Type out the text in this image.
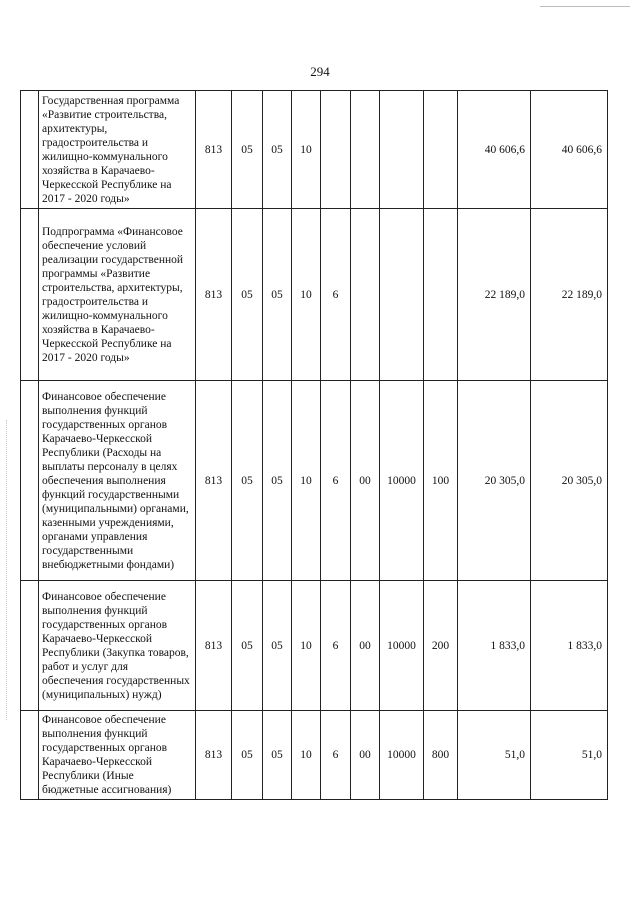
294
	Государственная программа «Развитие строительства, архитектуры, градостроительства и жилищно-коммунального хозяйства в Карачаево-Черкесской Республике на 2017 - 2020 годы»	813	05	05	10					40 606,6	40 606,6
	Подпрограмма «Финансовое обеспечение условий реализации государственной программы «Развитие строительства, архитектуры, градостроительства и жилищно-коммунального хозяйства в Карачаево-Черкесской Республике на 2017 - 2020 годы»	813	05	05	10	6				22 189,0	22 189,0
	Финансовое обеспечение выполнения функций государственных органов Карачаево-Черкесской Республики (Расходы на выплаты персоналу в целях обеспечения выполнения функций государственными (муниципальными) органами, казенными учреждениями, органами управления государственными внебюджетными фондами)	813	05	05	10	6	00	10000	100	20 305,0	20 305,0
	Финансовое обеспечение выполнения функций государственных органов Карачаево-Черкесской Республики (Закупка товаров, работ и услуг для обеспечения государственных (муниципальных) нужд)	813	05	05	10	6	00	10000	200	1 833,0	1 833,0
	Финансовое обеспечение выполнения функций государственных органов Карачаево-Черкесской Республики (Иные бюджетные ассигнования)	813	05	05	10	6	00	10000	800	51,0	51,0
